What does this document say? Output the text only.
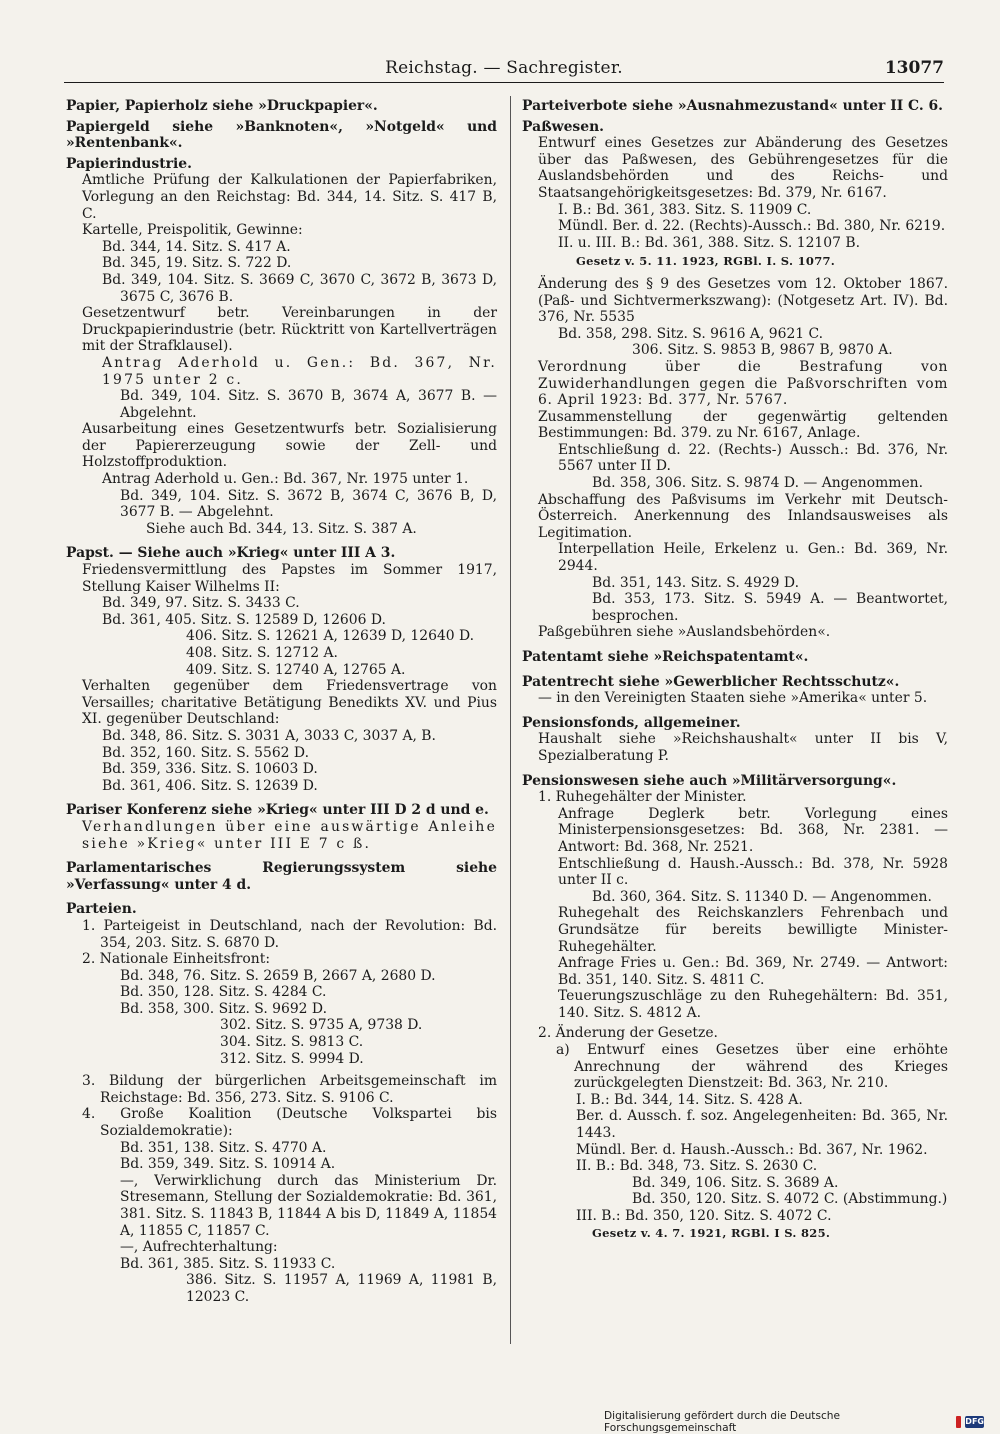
Reichstag. — Sachregister.	13077

Papier, Papierholz siehe »Druckpapier«.

Papiergeld siehe »Banknoten«, »Notgeld« und »Rentenbank«.

Papierindustrie.

Amtliche Prüfung der Kalkulationen der Papierfabriken, Vorlegung an den Reichstag: Bd. 344, 14. Sitz. S. 417 B, C.

Kartelle, Preispolitik, Gewinne:

Bd. 344, 14. Sitz. S. 417 A.

Bd. 345, 19. Sitz. S. 722 D.

Bd. 349, 104. Sitz. S. 3669 C, 3670 C, 3672 B, 3673 D, 3675 C, 3676 B.

Gesetzentwurf betr. Vereinbarungen in der Druckpapierindustrie (betr. Rücktritt von Kartellverträgen mit der Strafklausel).

Antrag Aderhold u. Gen.: Bd. 367, Nr. 1975 unter 2 c.

Bd. 349, 104. Sitz. S. 3670 B, 3674 A, 3677 B. — Abgelehnt.

Ausarbeitung eines Gesetzentwurfs betr. Sozialisierung der Papiererzeugung sowie der Zell- und Holzstoffproduktion.

Antrag Aderhold u. Gen.: Bd. 367, Nr. 1975 unter 1.

Bd. 349, 104. Sitz. S. 3672 B, 3674 C, 3676 B, D, 3677 B. — Abgelehnt.

Siehe auch Bd. 344, 13. Sitz. S. 387 A.

Papst. — Siehe auch »Krieg« unter III A 3.

Friedensvermittlung des Papstes im Sommer 1917, Stellung Kaiser Wilhelms II:

Bd. 349, 97. Sitz. S. 3433 C.

Bd. 361, 405. Sitz. S. 12589 D, 12606 D.

406. Sitz. S. 12621 A, 12639 D, 12640 D.

408. Sitz. S. 12712 A.

409. Sitz. S. 12740 A, 12765 A.

Verhalten gegenüber dem Friedensvertrage von Versailles; charitative Betätigung Benedikts XV. und Pius XI. gegenüber Deutschland:

Bd. 348, 86. Sitz. S. 3031 A, 3033 C, 3037 A, B.

Bd. 352, 160. Sitz. S. 5562 D.

Bd. 359, 336. Sitz. S. 10603 D.

Bd. 361, 406. Sitz. S. 12639 D.

Pariser Konferenz siehe »Krieg« unter III D 2 d und e.

Verhandlungen über eine auswärtige Anleihe siehe »Krieg« unter III E 7 c ß.

Parlamentarisches Regierungssystem siehe »Verfassung« unter 4 d.

Parteien.

1. Parteigeist in Deutschland, nach der Revolution: Bd. 354, 203. Sitz. S. 6870 D.

2. Nationale Einheitsfront:

Bd. 348, 76. Sitz. S. 2659 B, 2667 A, 2680 D.

Bd. 350, 128. Sitz. S. 4284 C.

Bd. 358, 300. Sitz. S. 9692 D.

302. Sitz. S. 9735 A, 9738 D.

304. Sitz. S. 9813 C.

312. Sitz. S. 9994 D.

3. Bildung der bürgerlichen Arbeitsgemeinschaft im Reichstage: Bd. 356, 273. Sitz. S. 9106 C.

4. Große Koalition (Deutsche Volkspartei bis Sozialdemokratie):

Bd. 351, 138. Sitz. S. 4770 A.

Bd. 359, 349. Sitz. S. 10914 A.

—, Verwirklichung durch das Ministerium Dr. Stresemann, Stellung der Sozialdemokratie: Bd. 361, 381. Sitz. S. 11843 B, 11844 A bis D, 11849 A, 11854 A, 11855 C, 11857 C.

—, Aufrechterhaltung:

Bd. 361, 385. Sitz. S. 11933 C.

386. Sitz. S. 11957 A, 11969 A, 11981 B, 12023 C.

Parteiverbote siehe »Ausnahmezustand« unter II C. 6.

Paßwesen.

Entwurf eines Gesetzes zur Abänderung des Gesetzes über das Paßwesen, des Gebührengesetzes für die Auslandsbehörden und des Reichs- und Staatsangehörigkeitsgesetzes: Bd. 379, Nr. 6167.

I. B.: Bd. 361, 383. Sitz. S. 11909 C.

Mündl. Ber. d. 22. (Rechts)-Aussch.: Bd. 380, Nr. 6219.

II. u. III. B.: Bd. 361, 388. Sitz. S. 12107 B.

Gesetz v. 5. 11. 1923, RGBl. I. S. 1077.

Änderung des § 9 des Gesetzes vom 12. Oktober 1867. (Paß- und Sichtvermerkszwang): (Notgesetz Art. IV). Bd. 376, Nr. 5535

Bd. 358, 298. Sitz. S. 9616 A, 9621 C.

306. Sitz. S. 9853 B, 9867 B, 9870 A.

Verordnung über die Bestrafung von Zuwiderhandlungen gegen die Paßvorschriften vom 6. April 1923: Bd. 377, Nr. 5767.

Zusammenstellung der gegenwärtig geltenden Bestimmungen: Bd. 379. zu Nr. 6167, Anlage.

Entschließung d. 22. (Rechts-) Aussch.: Bd. 376, Nr. 5567 unter II D.

Bd. 358, 306. Sitz. S. 9874 D. — Angenommen.

Abschaffung des Paßvisums im Verkehr mit Deutsch-Österreich. Anerkennung des Inlandsausweises als Legitimation.

Interpellation Heile, Erkelenz u. Gen.: Bd. 369, Nr. 2944.

Bd. 351, 143. Sitz. S. 4929 D.

Bd. 353, 173. Sitz. S. 5949 A. — Beantwortet, besprochen.

Paßgebühren siehe »Auslandsbehörden«.

Patentamt siehe »Reichspatentamt«.

Patentrecht siehe »Gewerblicher Rechtsschutz«.

— in den Vereinigten Staaten siehe »Amerika« unter 5.

Pensionsfonds, allgemeiner.

Haushalt siehe »Reichshaushalt« unter II bis V, Spezialberatung P.

Pensionswesen siehe auch »Militärversorgung«.

1. Ruhegehälter der Minister.

Anfrage Deglerk betr. Vorlegung eines Ministerpensionsgesetzes: Bd. 368, Nr. 2381. — Antwort: Bd. 368, Nr. 2521.

Entschließung d. Haush.-Aussch.: Bd. 378, Nr. 5928 unter II c.

Bd. 360, 364. Sitz. S. 11340 D. — Angenommen.

Ruhegehalt des Reichskanzlers Fehrenbach und Grundsätze für bereits bewilligte Minister-Ruhegehälter.

Anfrage Fries u. Gen.: Bd. 369, Nr. 2749. — Antwort: Bd. 351, 140. Sitz. S. 4811 C.

Teuerungszuschläge zu den Ruhegehältern: Bd. 351, 140. Sitz. S. 4812 A.

2. Änderung der Gesetze.

a) Entwurf eines Gesetzes über eine erhöhte Anrechnung der während des Krieges zurückgelegten Dienstzeit: Bd. 363, Nr. 210.

I. B.: Bd. 344, 14. Sitz. S. 428 A.

Ber. d. Aussch. f. soz. Angelegenheiten: Bd. 365, Nr. 1443.

Mündl. Ber. d. Haush.-Aussch.: Bd. 367, Nr. 1962.

II. B.: Bd. 348, 73. Sitz. S. 2630 C.

Bd. 349, 106. Sitz. S. 3689 A.

Bd. 350, 120. Sitz. S. 4072 C. (Abstimmung.)

III. B.: Bd. 350, 120. Sitz. S. 4072 C.

Gesetz v. 4. 7. 1921, RGBl. I S. 825.

Digitalisierung gefördert durch die Deutsche Forschungsgemeinschaft
DFG
